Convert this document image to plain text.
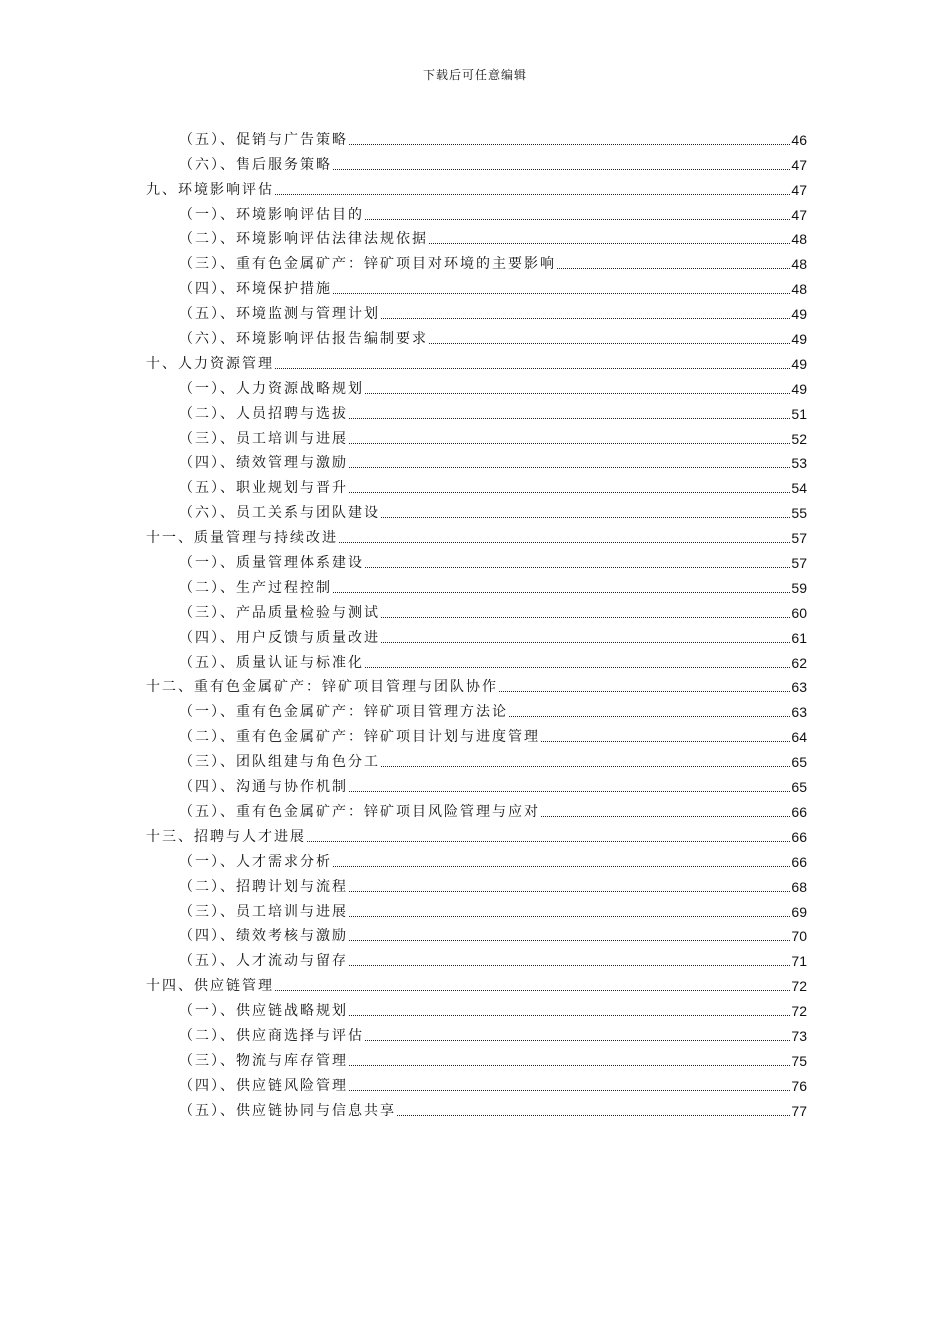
下载后可任意编辑
（五）、促销与广告策略	46
（六）、售后服务策略	47
九、环境影响评估	47
（一）、环境影响评估目的	47
（二）、环境影响评估法律法规依据	48
（三）、重有色金属矿产：锌矿项目对环境的主要影响	48
（四）、环境保护措施	48
（五）、环境监测与管理计划	49
（六）、环境影响评估报告编制要求	49
十、人力资源管理	49
（一）、人力资源战略规划	49
（二）、人员招聘与选拔	51
（三）、员工培训与进展	52
（四）、绩效管理与激励	53
（五）、职业规划与晋升	54
（六）、员工关系与团队建设	55
十一、质量管理与持续改进	57
（一）、质量管理体系建设	57
（二）、生产过程控制	59
（三）、产品质量检验与测试	60
（四）、用户反馈与质量改进	61
（五）、质量认证与标准化	62
十二、重有色金属矿产：锌矿项目管理与团队协作	63
（一）、重有色金属矿产：锌矿项目管理方法论	63
（二）、重有色金属矿产：锌矿项目计划与进度管理	64
（三）、团队组建与角色分工	65
（四）、沟通与协作机制	65
（五）、重有色金属矿产：锌矿项目风险管理与应对	66
十三、招聘与人才进展	66
（一）、人才需求分析	66
（二）、招聘计划与流程	68
（三）、员工培训与进展	69
（四）、绩效考核与激励	70
（五）、人才流动与留存	71
十四、供应链管理	72
（一）、供应链战略规划	72
（二）、供应商选择与评估	73
（三）、物流与库存管理	75
（四）、供应链风险管理	76
（五）、供应链协同与信息共享	77
